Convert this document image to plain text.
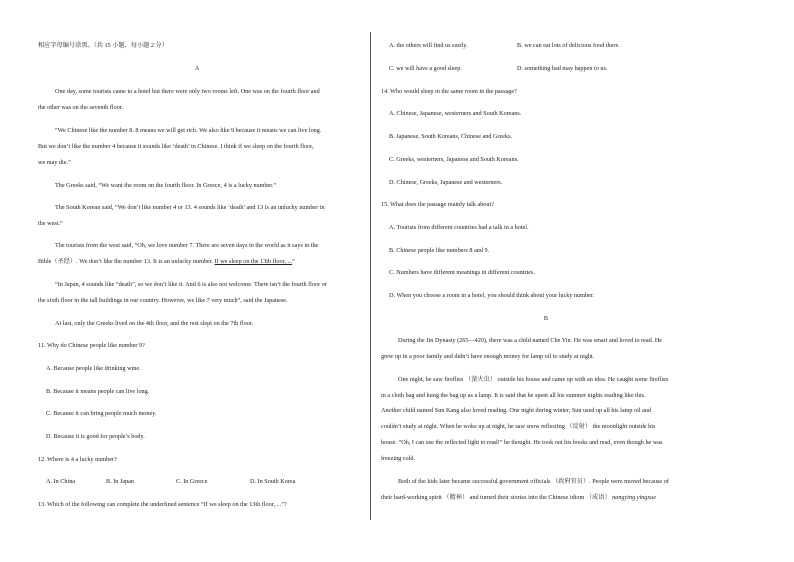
相应字母编号涂黑。（共 15 小题，每小题 2 分）
A
One day, some tourists came to a hotel but there were only two rooms left. One was on the fourth floor and
the other was on the seventh floor.
“We Chinese like the number 8. 8 means we will get rich. We also like 9 because it means we can live long.
But we don’t like the number 4 because it sounds like ‘death’ in Chinese. I think if we sleep on the fourth floor,
we may die.”
The Greeks said, “We want the room on the fourth floor. In Greece, 4 is a lucky number.”
The South Korean said, “We don’t like number 4 or 13. 4 sounds like ‘death’ and 13 is an unlucky number in
the west.”
The tourists from the west said, “Oh, we love number 7. There are seven days in the world as it says in the
Bible（圣经）. We don’t like the number 13. It is an unlucky number. If we sleep on the 13th floor, ...”
“In Japan, 4 sounds like “death”, so we don’t like it. And 6 is also not welcome. There isn’t the fourth floor or
the sixth floor in the tall buildings in our country. However, we like 7 very much”, said the Japanese.
At last, only the Greeks lived on the 4th floor, and the rest slept on the 7th floor.
11. Why do Chinese people like number 9?
A. Because people like drinking wine.
B. Because it means people can live long.
C. Because it can bring people much money.
D. Because it is good for people’s body.
12. Where is 4 a lucky number?
A. In China	B. In Japan	C. In Greece	D. In South Korea
13. Which of the following can complete the underlined sentence “If we sleep on the 13th floor, ...”?
A. the others will find us easily.	B. we can eat lots of delicious food there.
C. we will have a good sleep.	D. something bad may happen to us.
14. Who would sleep in the same room in the passage?
A. Chinese, Japanese, westerners and South Koreans.
B. Japanese, South Koreans, Chinese and Greeks.
C. Greeks, westerners, Japanese and South Koreans.
D. Chinese, Greeks, Japanese and westerners.
15. What does the passage mainly talk about?
A. Tourists from different countries had a talk in a hotel.
B. Chinese people like numbers 8 and 9.
C. Numbers have different meanings in different countries.
D. When you choose a room in a hotel, you should think about your lucky number.
B
During the Jin Dynasty (265—420), there was a child named Che Yin. He was smart and loved to read. He
grew up in a poor family and didn’t have enough money for lamp oil to study at night.
One night, he saw fireflies （萤火虫） outside his house and came up with an idea. He caught some fireflies
in a cloth bag and hung the bag up as a lamp. It is said that he spent all his summer nights reading like this.
Another child named Sun Kang also loved reading. One night during winter, Sun used up all his lamp oil and
couldn’t study at night. When he woke up at night, he saw snow reflecting （反射） the moonlight outside his
house. “Oh, I can use the reflected light to read!” he thought. He took out his books and read, even though he was
freezing cold.
Both of the kids later became successful government officials （政府官员）. People were moved because of
their hard-working spirit （精神） and turned their stories into the Chinese idiom （成语） nangying yingxue
